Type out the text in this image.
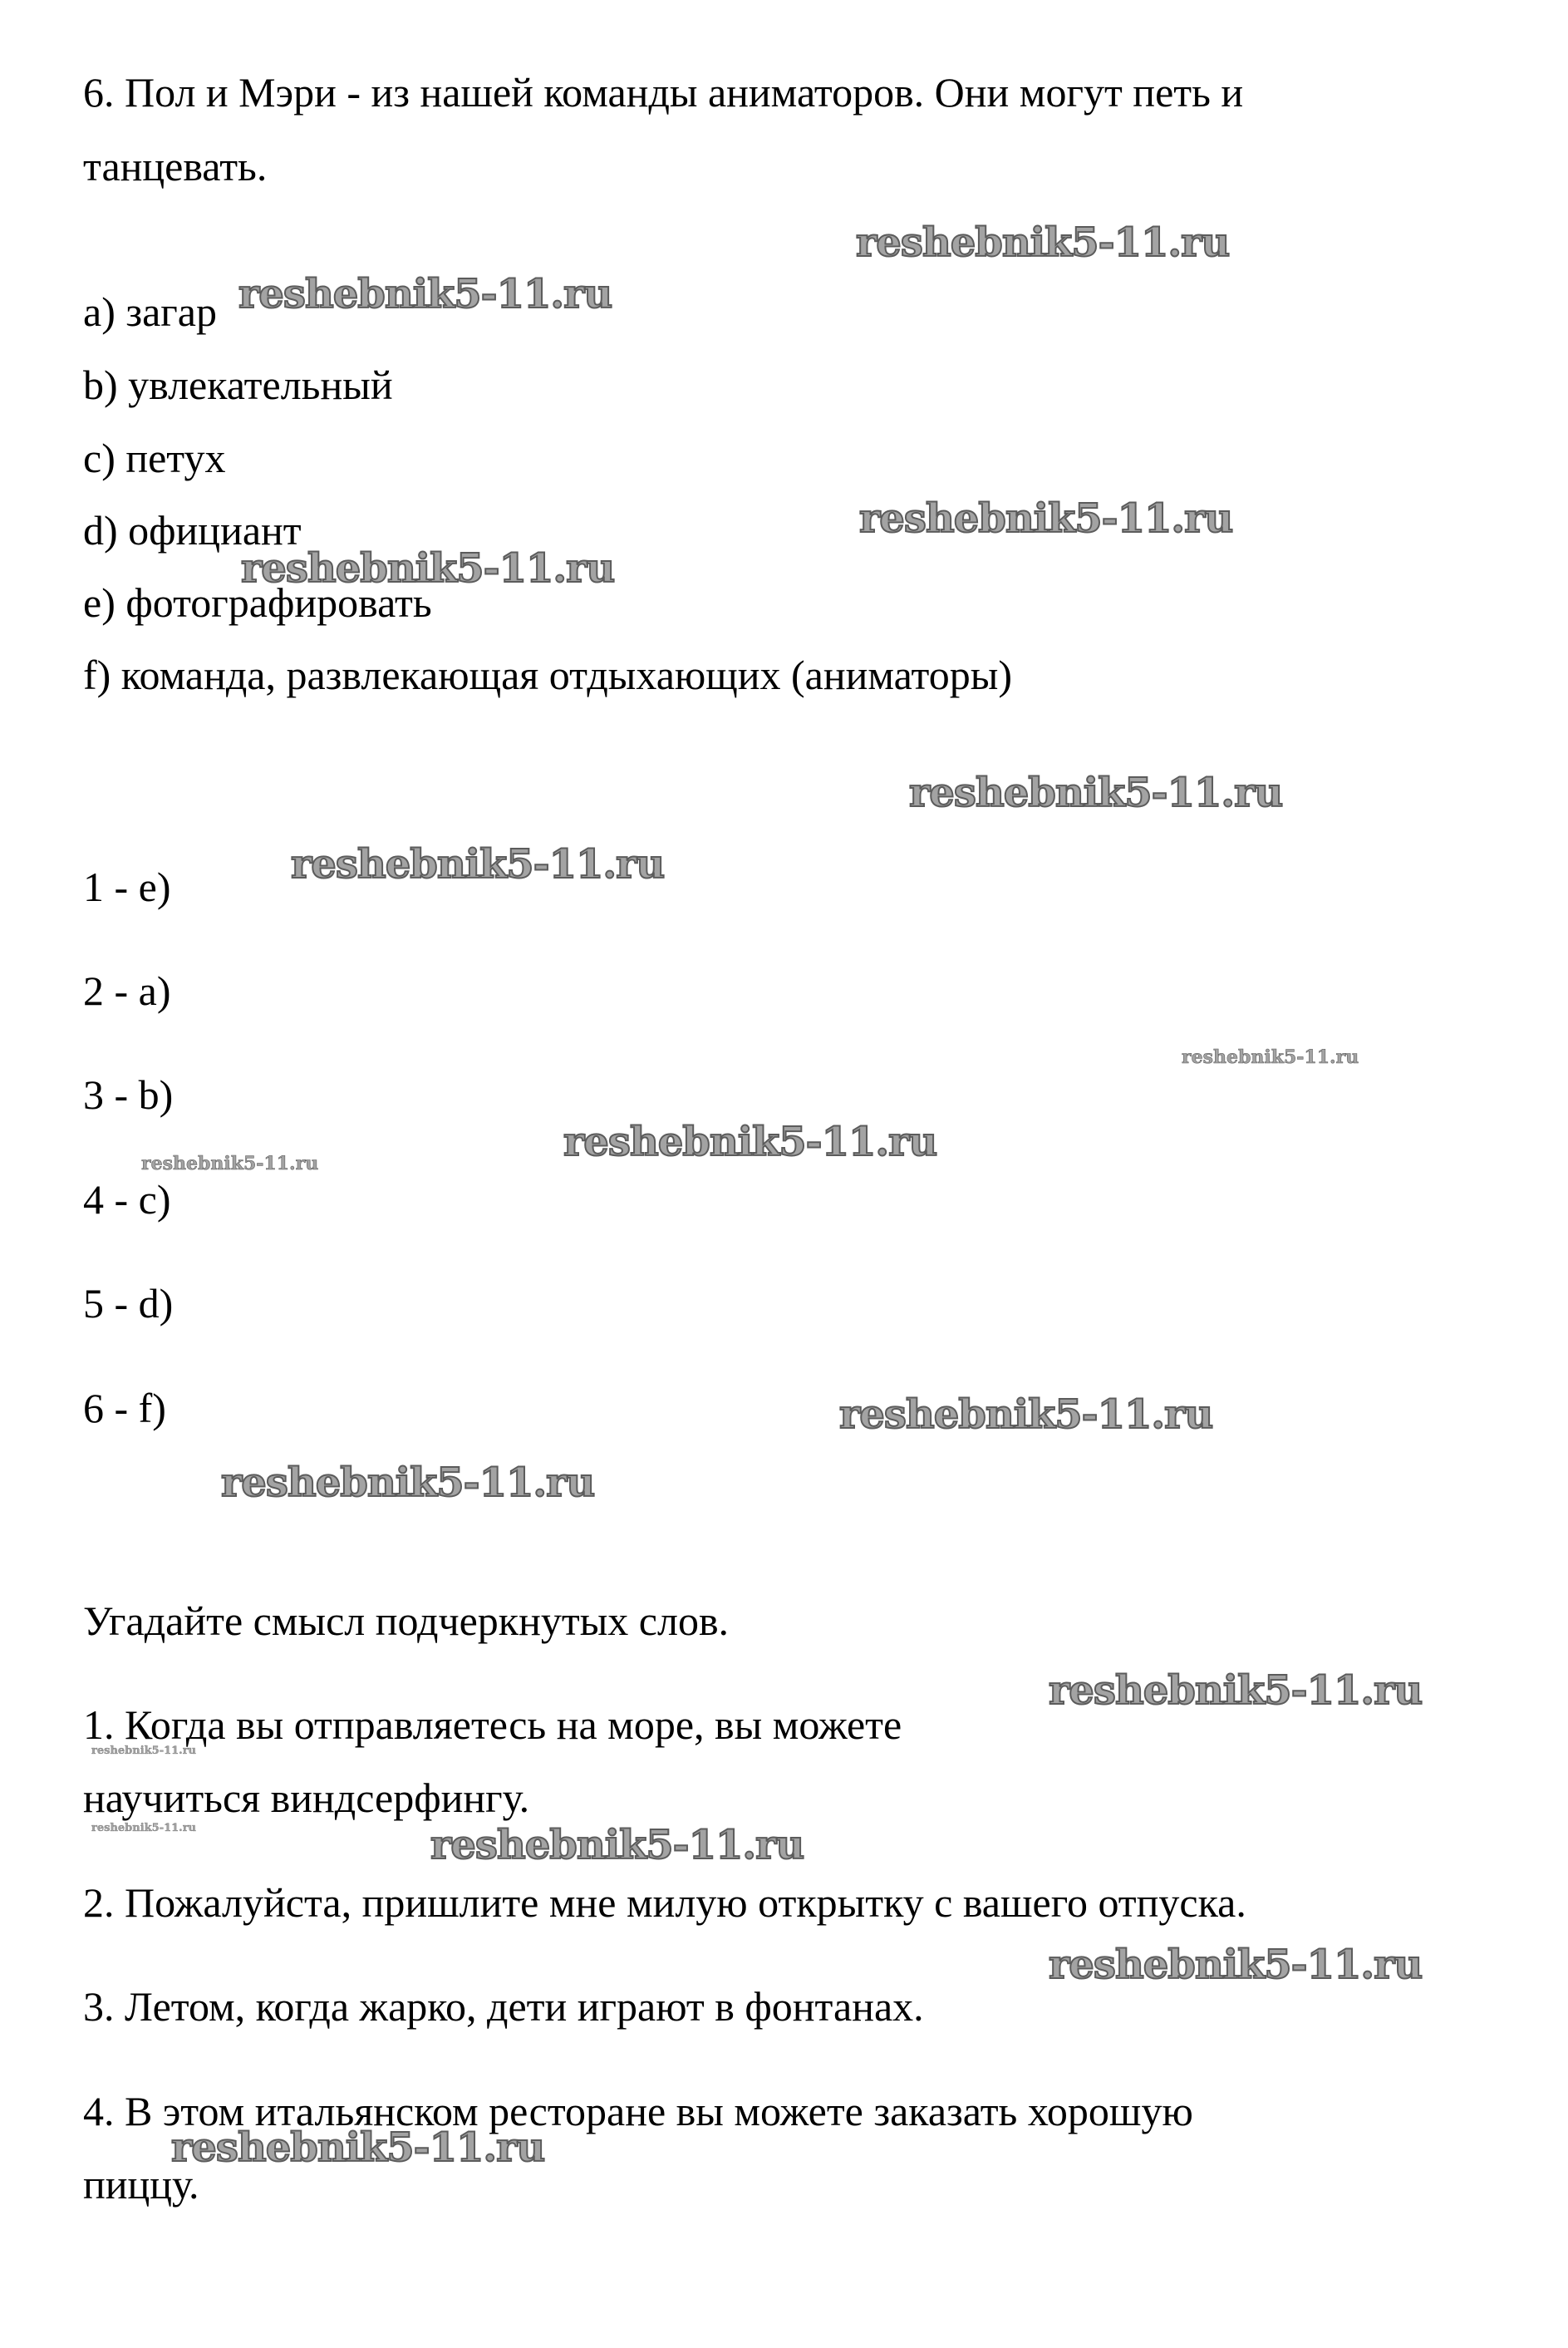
6. Пол и Мэри - из нашей команды аниматоров. Они могут петь и
танцевать.
a) загар
b) увлекательный
c) петух
d) официант
e) фотографировать
f) команда, развлекающая отдыхающих (аниматоры)
1 - e)
2 - a)
3 - b)
4 - c)
5 - d)
6 - f)
Угадайте смысл подчеркнутых слов.
1. Когда вы отправляетесь на море, вы можете
научиться виндсерфингу.
2. Пожалуйста, пришлите мне милую открытку с вашего отпуска.
3. Летом, когда жарко, дети играют в фонтанах.
4. В этом итальянском ресторане вы можете заказать хорошую
пиццу.
reshebnik5-11.ru
reshebnik5-11.ru
reshebnik5-11.ru
reshebnik5-11.ru
reshebnik5-11.ru
reshebnik5-11.ru
reshebnik5-11.ru
reshebnik5-11.ru
reshebnik5-11.ru
reshebnik5-11.ru
reshebnik5-11.ru
reshebnik5-11.ru
reshebnik5-11.ru
reshebnik5-11.ru	reshebnik5-11.ru
reshebnik5-11.ru
reshebnik5-11.ru
